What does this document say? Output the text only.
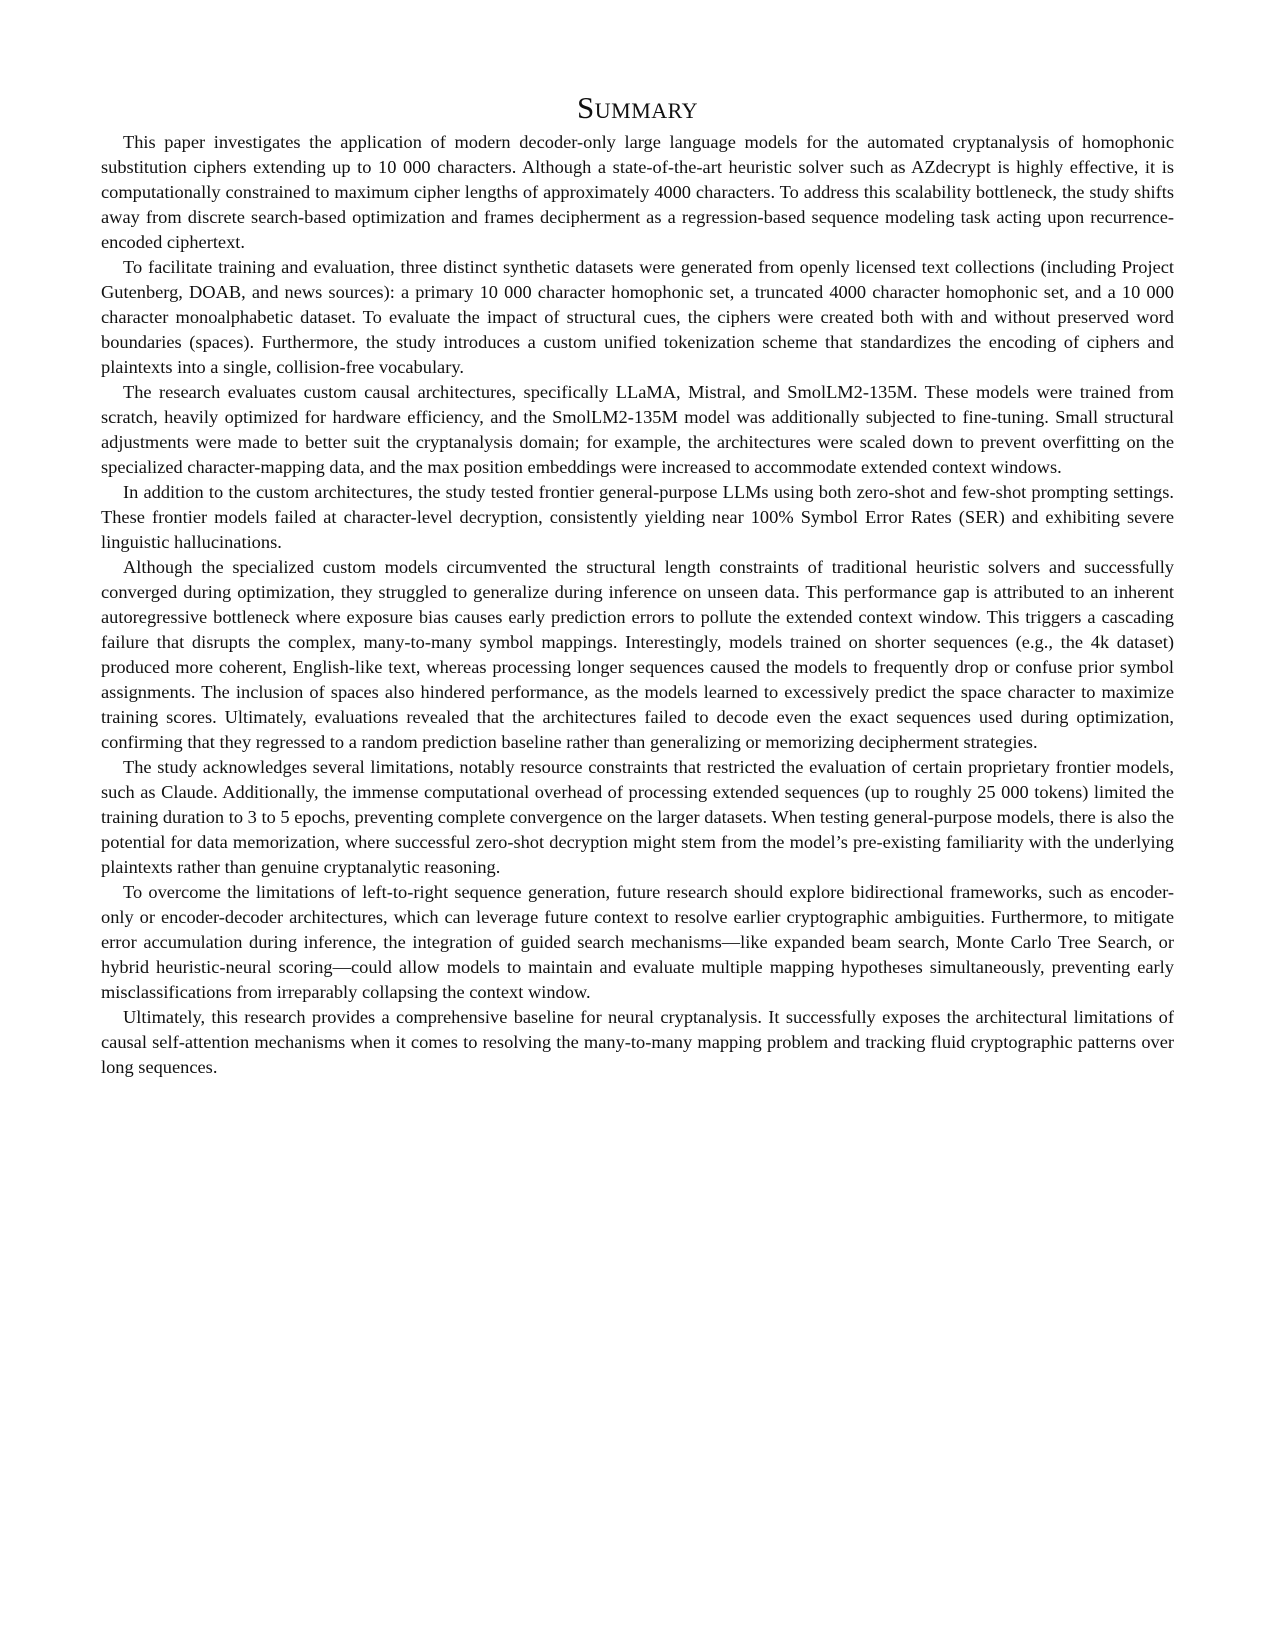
Summary

This paper investigates the application of modern decoder-only large language models for the automated cryptanalysis of homophonic substitution ciphers extending up to 10 000 characters. Although a state-of-the-art heuristic solver such as AZdecrypt is highly effective, it is computationally constrained to maximum cipher lengths of approximately 4000 characters. To address this scalability bottleneck, the study shifts away from discrete search-based optimization and frames decipherment as a regression-based sequence modeling task acting upon recurrence-encoded ciphertext.

To facilitate training and evaluation, three distinct synthetic datasets were generated from openly licensed text collections (including Project Gutenberg, DOAB, and news sources): a primary 10 000 character homophonic set, a truncated 4000 character homophonic set, and a 10 000 character monoalphabetic dataset. To evaluate the impact of structural cues, the ciphers were created both with and without preserved word boundaries (spaces). Furthermore, the study introduces a custom unified tokenization scheme that standardizes the encoding of ciphers and plaintexts into a single, collision-free vocabulary.

The research evaluates custom causal architectures, specifically LLaMA, Mistral, and SmolLM2-135M. These models were trained from scratch, heavily optimized for hardware efficiency, and the SmolLM2-135M model was additionally subjected to fine-tuning. Small structural adjustments were made to better suit the cryptanalysis domain; for example, the architectures were scaled down to prevent overfitting on the specialized character-mapping data, and the max position embeddings were increased to accommodate extended context windows.

In addition to the custom architectures, the study tested frontier general-purpose LLMs using both zero-shot and few-shot prompting settings. These frontier models failed at character-level decryption, consistently yielding near 100% Symbol Error Rates (SER) and exhibiting severe linguistic hallucinations.

Although the specialized custom models circumvented the structural length constraints of traditional heuristic solvers and successfully converged during optimization, they struggled to generalize during inference on unseen data. This performance gap is attributed to an inherent autoregressive bottleneck where exposure bias causes early prediction errors to pollute the extended context window. This triggers a cascading failure that disrupts the complex, many-to-many symbol mappings. Interestingly, models trained on shorter sequences (e.g., the 4k dataset) produced more coherent, English-like text, whereas processing longer sequences caused the models to frequently drop or confuse prior symbol assignments. The inclusion of spaces also hindered performance, as the models learned to excessively predict the space character to maximize training scores. Ultimately, evaluations revealed that the architectures failed to decode even the exact sequences used during optimization, confirming that they regressed to a random prediction baseline rather than generalizing or memorizing decipherment strategies.

The study acknowledges several limitations, notably resource constraints that restricted the evaluation of certain proprietary frontier models, such as Claude. Additionally, the immense computational overhead of processing extended sequences (up to roughly 25 000 tokens) limited the training duration to 3 to 5 epochs, preventing complete convergence on the larger datasets. When testing general-purpose models, there is also the potential for data memorization, where successful zero-shot decryption might stem from the model’s pre-existing familiarity with the underlying plaintexts rather than genuine cryptanalytic reasoning.

To overcome the limitations of left-to-right sequence generation, future research should explore bidirectional frameworks, such as encoder-only or encoder-decoder architectures, which can leverage future context to resolve earlier cryptographic ambiguities. Furthermore, to mitigate error accumulation during inference, the integration of guided search mechanisms—like expanded beam search, Monte Carlo Tree Search, or hybrid heuristic-neural scoring—could allow models to maintain and evaluate multiple mapping hypotheses simultaneously, preventing early misclassifications from irreparably collapsing the context window.

Ultimately, this research provides a comprehensive baseline for neural cryptanalysis. It successfully exposes the architectural limitations of causal self-attention mechanisms when it comes to resolving the many-to-many mapping problem and tracking fluid cryptographic patterns over long sequences.
